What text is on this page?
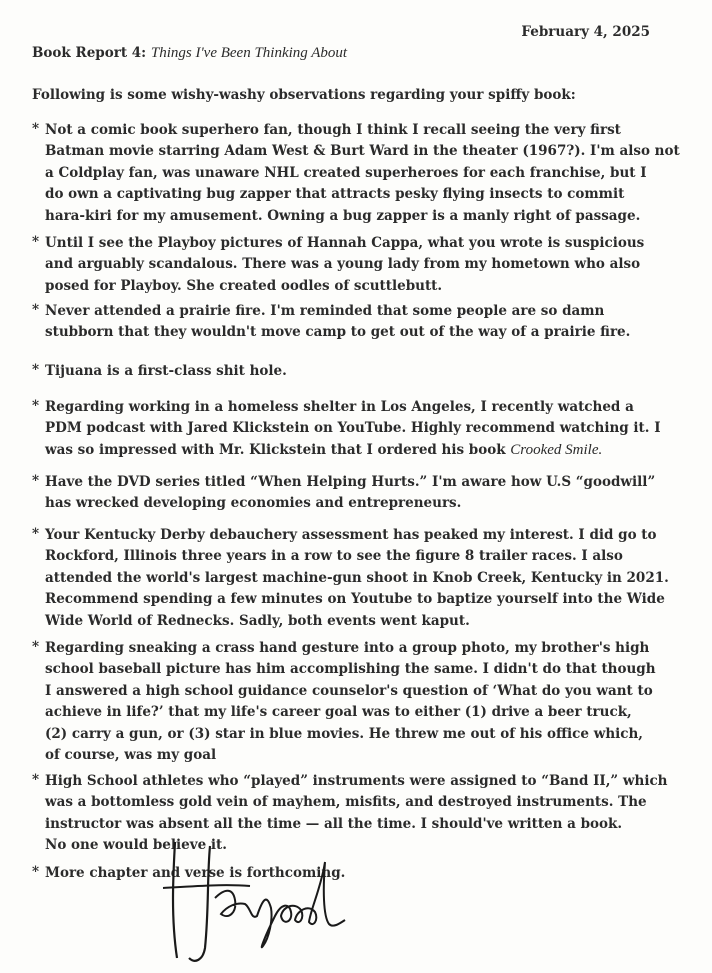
February 4, 2025
Book Report 4: Things I've Been Thinking About
Following is some wishy-washy observations regarding your spiffy book:
* Not a comic book superhero fan, though I think I recall seeing the very first
Batman movie starring Adam West & Burt Ward in the theater (1967?). I'm also not
a Coldplay fan, was unaware NHL created superheroes for each franchise, but I
do own a captivating bug zapper that attracts pesky flying insects to commit
hara-kiri for my amusement. Owning a bug zapper is a manly right of passage.
* Until I see the Playboy pictures of Hannah Cappa, what you wrote is suspicious
and arguably scandalous. There was a young lady from my hometown who also
posed for Playboy. She created oodles of scuttlebutt.
* Never attended a prairie fire. I'm reminded that some people are so damn
stubborn that they wouldn't move camp to get out of the way of a prairie fire.
* Tijuana is a first-class shit hole.
* Regarding working in a homeless shelter in Los Angeles, I recently watched a
PDM podcast with Jared Klickstein on YouTube. Highly recommend watching it. I
was so impressed with Mr. Klickstein that I ordered his book Crooked Smile.
* Have the DVD series titled “When Helping Hurts.” I'm aware how U.S “goodwill”
has wrecked developing economies and entrepreneurs.
* Your Kentucky Derby debauchery assessment has peaked my interest. I did go to
Rockford, Illinois three years in a row to see the figure 8 trailer races. I also
attended the world's largest machine-gun shoot in Knob Creek, Kentucky in 2021.
Recommend spending a few minutes on Youtube to baptize yourself into the Wide
Wide World of Rednecks. Sadly, both events went kaput.
* Regarding sneaking a crass hand gesture into a group photo, my brother's high
school baseball picture has him accomplishing the same. I didn't do that though
I answered a high school guidance counselor's question of ‘What do you want to
achieve in life?’ that my life's career goal was to either (1) drive a beer truck,
(2) carry a gun, or (3) star in blue movies. He threw me out of his office which,
of course, was my goal
* High School athletes who “played” instruments were assigned to “Band II,” which
was a bottomless gold vein of mayhem, misfits, and destroyed instruments. The
instructor was absent all the time — all the time. I should've written a book.
No one would believe it.
* More chapter and verse is forthcoming.
